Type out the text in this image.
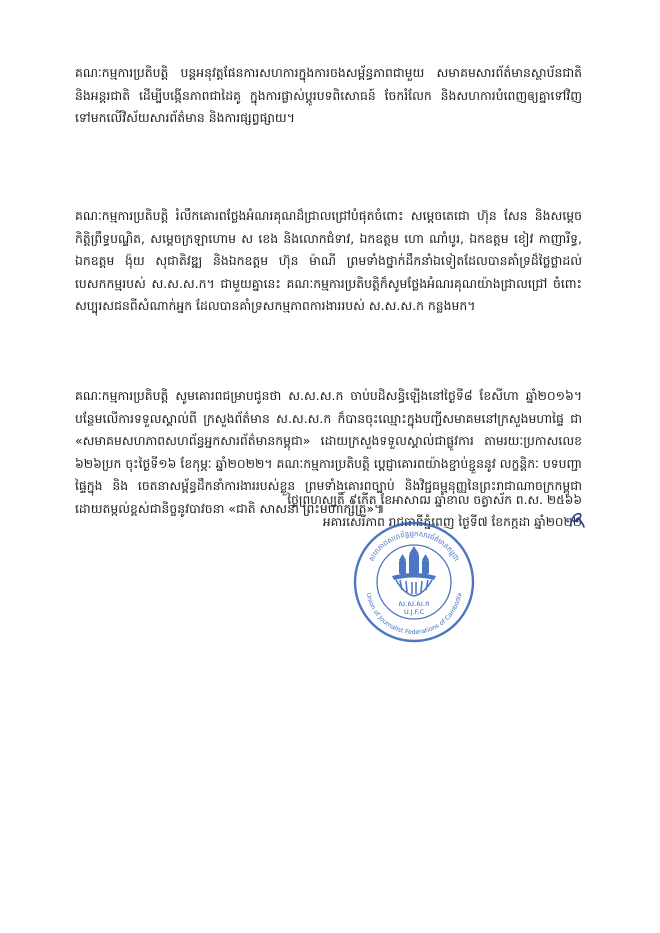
គណៈកម្មការប្រតិបត្តិ បន្តអនុវត្តផែនការសហការក្នុងការចងសម្ព័ន្ធភាពជាមួយ សមាគមសារព័ត៌មានស្ថាប័នជាតិ និងអន្តរជាតិ ដើម្បីបង្កើនភាពជាដៃគូ ក្នុងការផ្លាស់ប្តូរបទពិសោធន៍ ចែករំលែក និងសហការបំពេញឲ្យគ្នាទៅវិញទៅមកលើវិស័យសារព័ត៌មាន និងការផ្សព្វផ្សាយ។

គណៈកម្មការប្រតិបត្តិ រំលឹកគោរពថ្លែងអំណរគុណដ៏ជ្រាលជ្រៅបំផុតចំពោះ សម្តេចតេជោ ហ៊ុន សែន និងសម្តេចកិត្តិព្រឹទ្ធបណ្ឌិត, សម្តេចក្រឡាហោម ស ខេង និងលោកជំទាវ, ឯកឧត្តម ហោ ណាំបូរ, ឯកឧត្តម ខៀវ កាញារីទ្ធ, ឯកឧត្តម ង៉ុយ សុជាតិវឌ្ឍ និងឯកឧត្តម ហ៊ុន ម៉ាណី ព្រមទាំងថ្នាក់ដឹកនាំឯទៀតដែលបានគាំទ្រដ៏ថ្លៃថ្លាដល់បេសកកម្មរបស់ ស.ស.ស.ក។ ជាមួយគ្នានេះ គណៈកម្មការប្រតិបត្តិក៏សូមថ្លែងអំណរគុណយ៉ាងជ្រាលជ្រៅ ចំពោះសប្បុរសជនពីសំណាក់អ្នក ដែលបានគាំទ្រសកម្មភាពការងាររបស់ ស.ស.ស.ក កន្លងមក។

គណៈកម្មការប្រតិបត្តិ សូមគោរពជម្រាបជូនថា ស.ស.ស.ក ចាប់បដិសន្ធិឡើងនៅថ្ងៃទី៨ ខែសីហា ឆ្នាំ២០១៦។ បន្ថែមលើការទទួលស្គាល់ពី ក្រសួងព័ត៌មាន ស.ស.ស.ក ក៏បានចុះឈ្មោះក្នុងបញ្ជីសមាគមនៅក្រសួងមហាផ្ទៃ ជា «សមាគមសហភាពសហព័ន្ធអ្នកសារព័ត៌មានកម្ពុជា» ដោយក្រសួងទទួលស្គាល់ជាផ្លូវការ តាមរយៈប្រកាសលេខ ៦២៦ប្រក ចុះថ្ងៃទី១៦ ខែកុម្ភៈ ឆ្នាំ២០២២។ គណៈកម្មការប្រតិបត្តិ ប្តេជ្ញាគោរពយ៉ាងខ្ជាប់ខ្ជួននូវ លក្ខន្តិកៈ បទបញ្ជាផ្ទៃក្នុង និង ចេតនាសម្ព័ន្ធដឹកនាំការងាររបស់ខ្លួន ព្រមទាំងគោរពច្បាប់ និងវិជ្ជធម្មនុញ្ញនៃព្រះរាជាណាចក្រកម្ពុជា ដោយតម្កល់ខ្ពស់ជានិច្ចនូវបាវចនា «ជាតិ សាសនា ព្រះមហាក្សត្រ»៕

ថ្ងៃព្រហស្បតិ៍ ៩កើត ខែអាសាឍ ឆ្នាំខាល ចត្វាស័ក ព.ស. ២៥៦៦
អគារសេរីភាព រាជធានីភ្នំពេញ ថ្ងៃទី៧ ខែកក្កដា ឆ្នាំ២០២២
សហភាពសហព័ន្ធអ្នកសារព័ត៌មានកម្ពុជា
Union of Journalist Federations of Cambodia
ស.ស.ស.ក
U.J.F.C
